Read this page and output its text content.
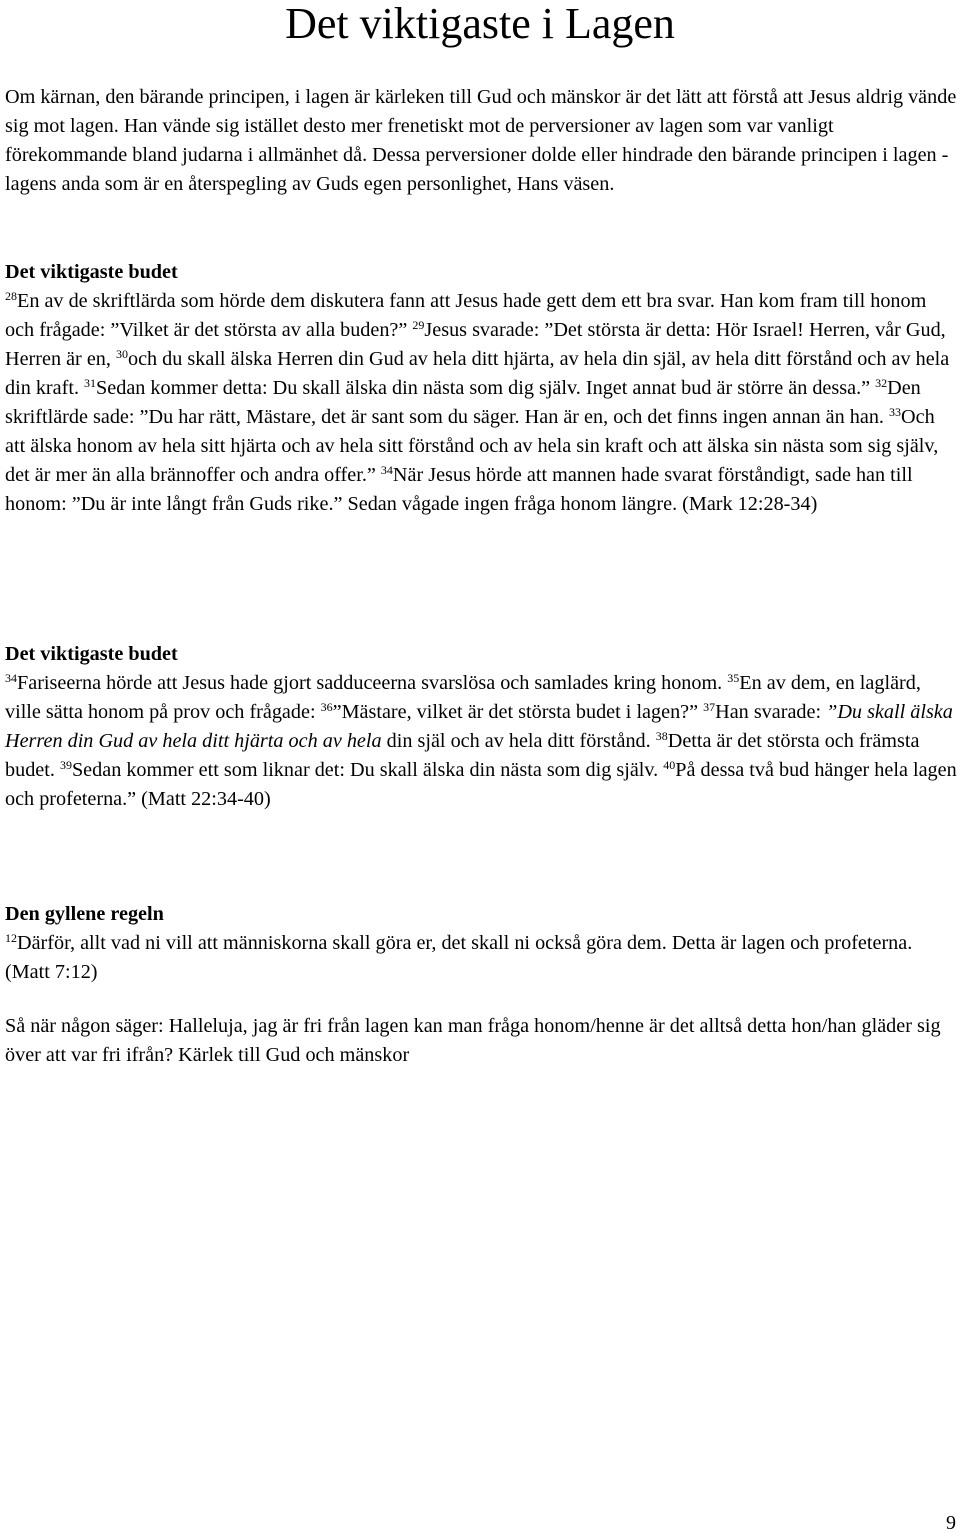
Det viktigaste i Lagen

Om kärnan, den bärande principen, i lagen är kärleken till Gud och mänskor är det lätt att förstå att Jesus aldrig vände sig mot lagen. Han vände sig istället desto mer frenetiskt mot de perversioner av lagen som var vanligt förekommande bland judarna i allmänhet då. Dessa perversioner dolde eller hindrade den bärande principen i lagen - lagens anda som är en återspegling av Guds egen personlighet, Hans väsen.

Det viktigaste budet
$^{28}$En av de skriftlärda som hörde dem diskutera fann att Jesus hade gett dem ett bra svar. Han kom fram till honom och frågade: ”Vilket är det största av alla buden?” $^{29}$Jesus svarade: ”Det största är detta: Hör Israel! Herren, vår Gud, Herren är en, $^{30}$och du skall älska Herren din Gud av hela ditt hjärta, av hela din själ, av hela ditt förstånd och av hela din kraft. $^{31}$Sedan kommer detta: Du skall älska din nästa som dig själv. Inget annat bud är större än dessa.” $^{32}$Den skriftlärde sade: ”Du har rätt, Mästare, det är sant som du säger. Han är en, och det finns ingen annan än han. $^{33}$Och att älska honom av hela sitt hjärta och av hela sitt förstånd och av hela sin kraft och att älska sin nästa som sig själv, det är mer än alla brännoffer och andra offer.” $^{34}$När Jesus hörde att mannen hade svarat förståndigt, sade han till honom: ”Du är inte långt från Guds rike.” Sedan vågade ingen fråga honom längre. (Mark 12:28-34)
Det viktigaste budet
$^{34}$Fariseerna hörde att Jesus hade gjort sadduceerna svarslösa och samlades kring honom. $^{35}$En av dem, en laglärd, ville sätta honom på prov och frågade: $^{36}$”Mästare, vilket är det största budet i lagen?” $^{37}$Han svarade: ”Du skall älska Herren din Gud av hela ditt hjärta och av hela din själ och av hela ditt förstånd. $^{38}$Detta är det största och främsta budet. $^{39}$Sedan kommer ett som liknar det: Du skall älska din nästa som dig själv. $^{40}$På dessa två bud hänger hela lagen och profeterna.” (Matt 22:34-40)
Den gyllene regeln
$^{12}$Därför, allt vad ni vill att människorna skall göra er, det skall ni också göra dem. Detta är lagen och profeterna. (Matt 7:12)

Så när någon säger: Halleluja, jag är fri från lagen kan man fråga honom/henne är det alltså detta hon/han gläder sig över att var fri ifrån? Kärlek till Gud och mänskor

9
